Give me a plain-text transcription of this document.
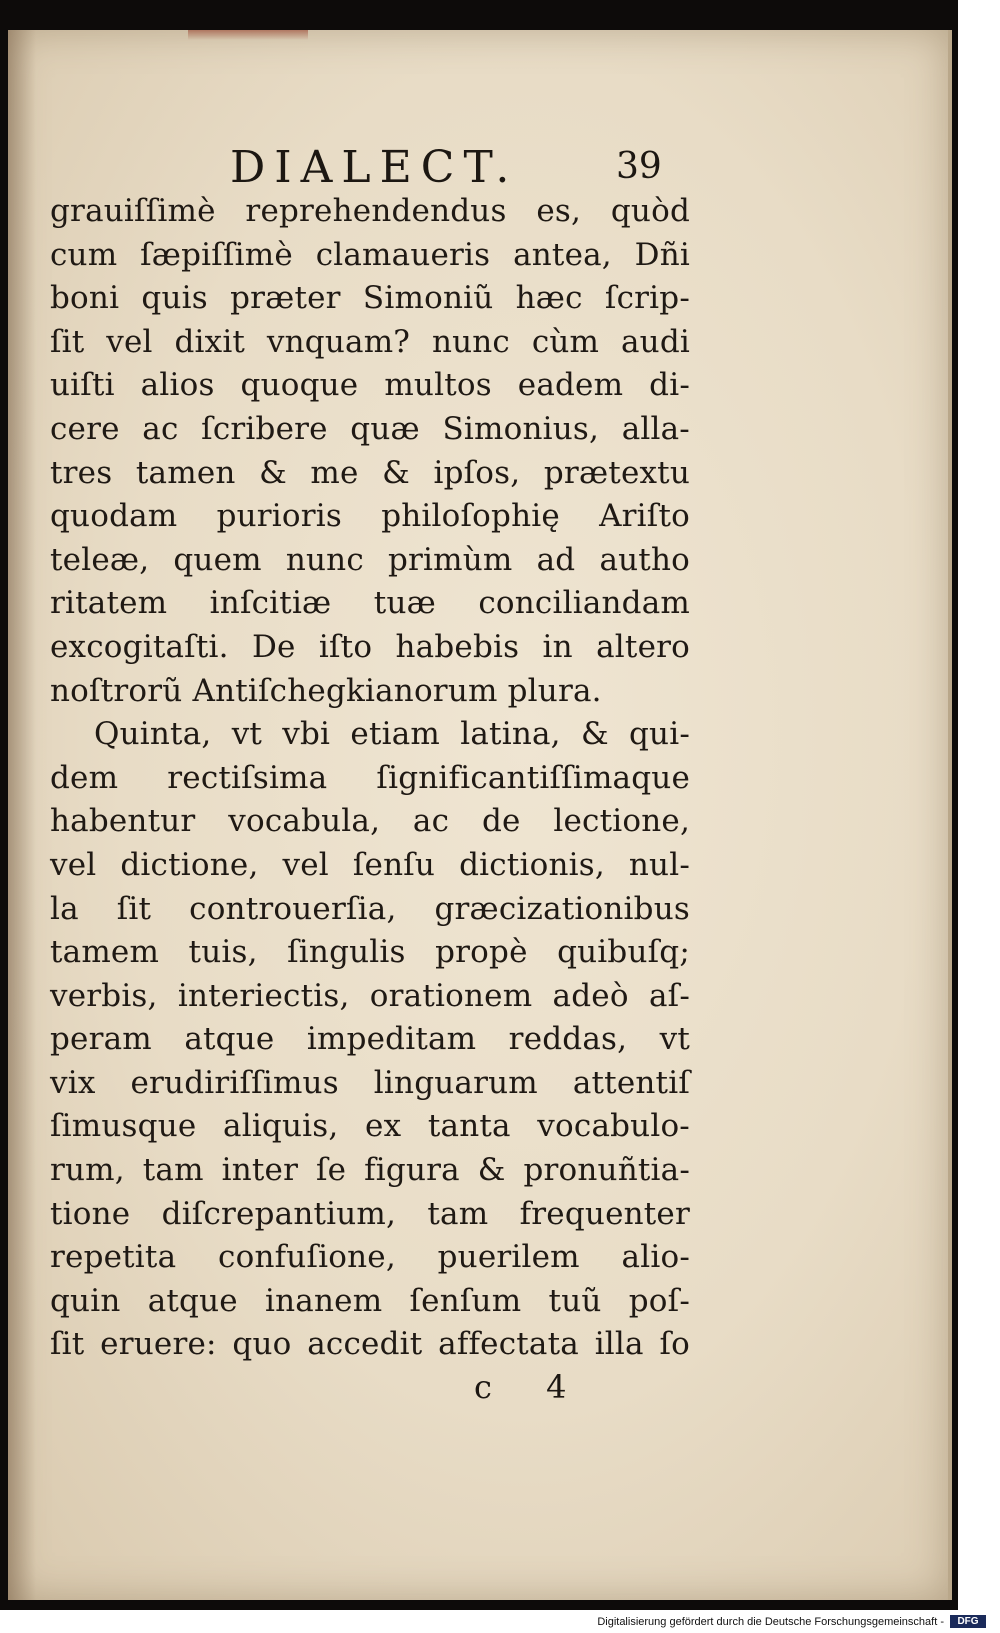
DIALECT.	39
grauiſſimè reprehendendus es, quòd
cum ſæpiſſimè clamaueris antea, Dñi
boni quis præter Simoniũ hæc ſcrip-
ſit vel dixit vnquam? nunc cùm audi
uiſti alios quoque multos eadem di-
cere ac ſcribere quæ Simonius, alla-
tres tamen & me & ipſos, prætextu
quodam purioris philoſophię Ariſto
teleæ, quem nunc primùm ad autho
ritatem inſcitiæ tuæ conciliandam
excogitaſti. De iſto habebis in altero
noſtrorũ Antiſchegkianorum plura.
Quinta, vt vbi etiam latina, & qui-
dem rectiſsima ſignificantiſſimaque
habentur vocabula, ac de lectione,
vel dictione, vel ſenſu dictionis, nul-
la ſit controuerſia, græcizationibus
tamem tuis, ſingulis propè quibuſq;
verbis, interiectis, orationem adeò aſ-
peram atque impeditam reddas, vt
vix erudiriſſimus linguarum attentiſ
ſimusque aliquis, ex tanta vocabulo-
rum, tam inter ſe figura & pronuñtia-
tione diſcrepantium, tam frequenter
repetita confuſione, puerilem alio-
quin atque inanem ſenſum tuũ poſ-
ſit eruere: quo accedit affectata illa ſo
c 4
Digitalisierung gefördert durch die Deutsche Forschungsgemeinschaft -	DFG
